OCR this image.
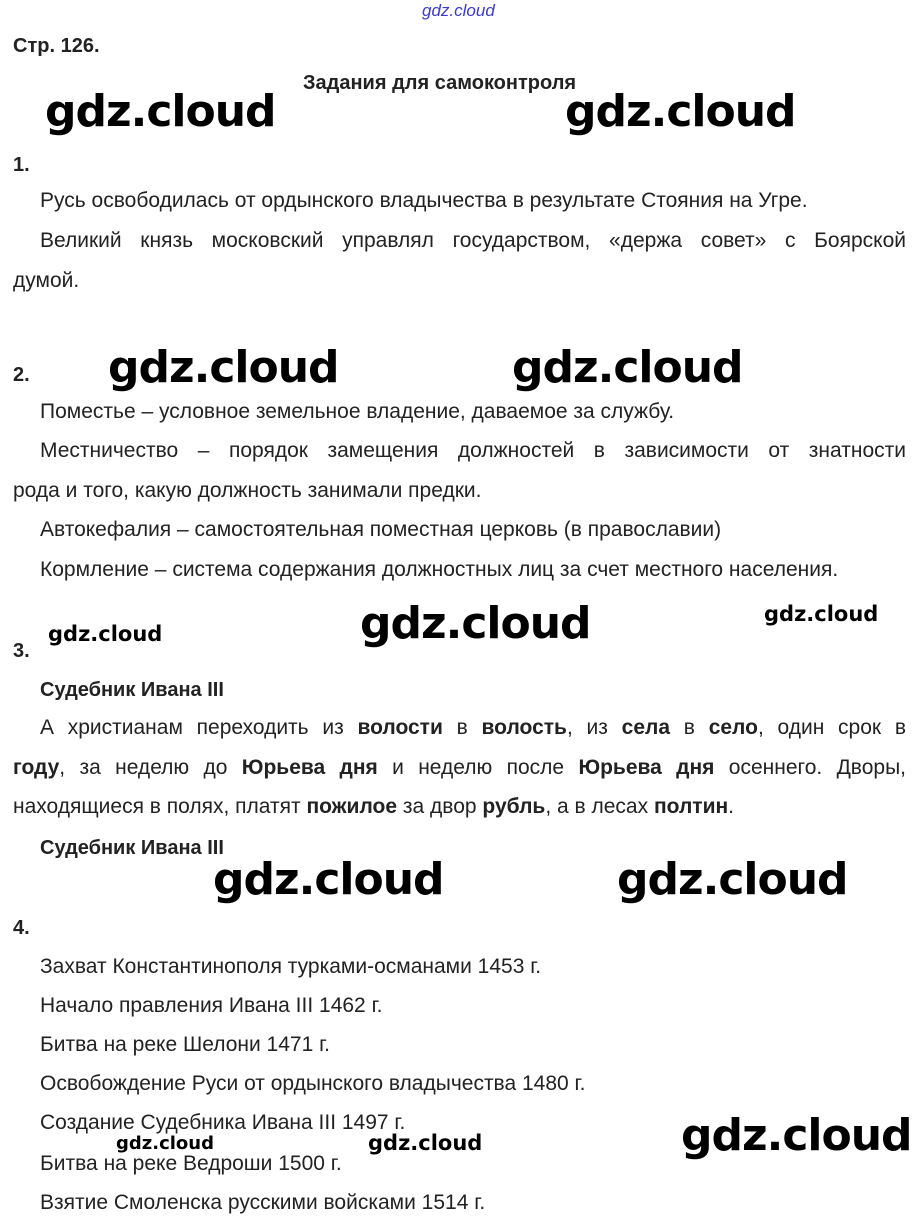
gdz.cloud
Стр. 126.
Задания для самоконтроля
1.
Русь освободилась от ордынского владычества в результате Стояния на Угре.
Великий князь московский управлял государством, «держа совет» с Боярской
думой.
2.
Поместье – условное земельное владение, даваемое за службу.
Местничество – порядок замещения должностей в зависимости от знатности
рода и того, какую должность занимали предки.
Автокефалия – самостоятельная поместная церковь (в православии)
Кормление – система содержания должностных лиц за счет местного населения.
3.
Судебник Ивана III
А христианам переходить из волости в волость, из села в село, один срок в
году, за неделю до Юрьева дня и неделю после Юрьева дня осеннего. Дворы,
находящиеся в полях, платят пожилое за двор рубль, а в лесах полтин.
Судебник Ивана III
4.
Захват Константинополя турками-османами 1453 г.
Начало правления Ивана III 1462 г.
Битва на реке Шелони 1471 г.
Освобождение Руси от ордынского владычества 1480 г.
Создание Судебника Ивана III 1497 г.
Битва на реке Ведроши 1500 г.
Взятие Смоленска русскими войсками 1514 г.
gdz.cloud	gdz.cloud
gdz.cloud	gdz.cloud
gdz.cloud
gdz.cloud	gdz.cloud
gdz.cloud
gdz.cloud
gdz.cloud
gdz.cloud	gdz.cloud
